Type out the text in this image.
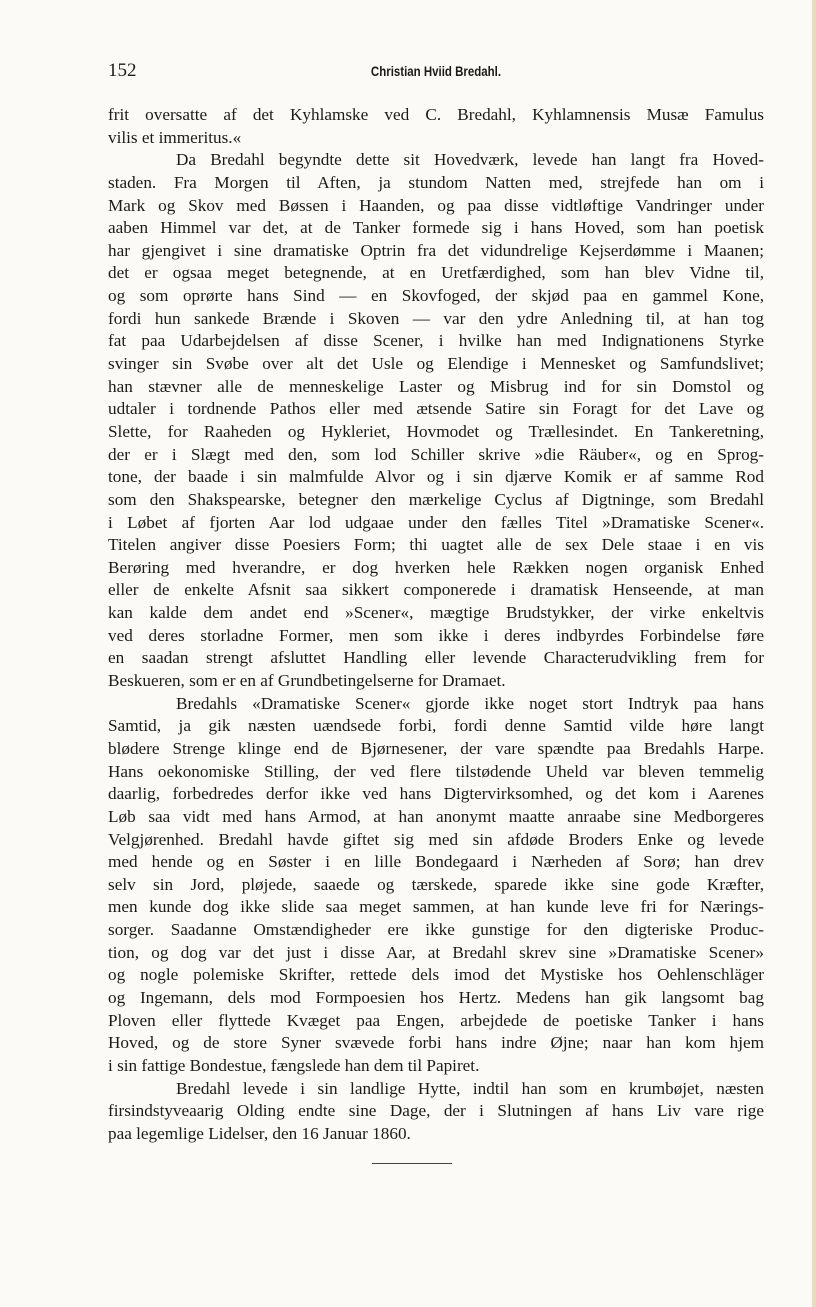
152	Christian Hviid Bredahl.
frit oversatte af det Kyhlamske ved C. Bredahl, Kyhlamnensis Musæ Famulus
vilis et immeritus.«
Da Bredahl begyndte dette sit Hovedværk, levede han langt fra Hoved-
staden. Fra Morgen til Aften, ja stundom Natten med, strejfede han om i
Mark og Skov med Bøssen i Haanden, og paa disse vidtløftige Vandringer under
aaben Himmel var det, at de Tanker formede sig i hans Hoved, som han poetisk
har gjengivet i sine dramatiske Optrin fra det vidundrelige Kejserdømme i Maanen;
det er ogsaa meget betegnende, at en Uretfærdighed, som han blev Vidne til,
og som oprørte hans Sind — en Skovfoged, der skjød paa en gammel Kone,
fordi hun sankede Brænde i Skoven — var den ydre Anledning til, at han tog
fat paa Udarbejdelsen af disse Scener, i hvilke han med Indignationens Styrke
svinger sin Svøbe over alt det Usle og Elendige i Mennesket og Samfundslivet;
han stævner alle de menneskelige Laster og Misbrug ind for sin Domstol og
udtaler i tordnende Pathos eller med ætsende Satire sin Foragt for det Lave og
Slette, for Raaheden og Hykleriet, Hovmodet og Trællesindet. En Tankeretning,
der er i Slægt med den, som lod Schiller skrive »die Räuber«, og en Sprog-
tone, der baade i sin malmfulde Alvor og i sin djærve Komik er af samme Rod
som den Shakspearske, betegner den mærkelige Cyclus af Digtninge, som Bredahl
i Løbet af fjorten Aar lod udgaae under den fælles Titel »Dramatiske Scener«.
Titelen angiver disse Poesiers Form; thi uagtet alle de sex Dele staae i en vis
Berøring med hverandre, er dog hverken hele Rækken nogen organisk Enhed
eller de enkelte Afsnit saa sikkert componerede i dramatisk Henseende, at man
kan kalde dem andet end »Scener«, mægtige Brudstykker, der virke enkeltvis
ved deres storladne Former, men som ikke i deres indbyrdes Forbindelse føre
en saadan strengt afsluttet Handling eller levende Characterudvikling frem for
Beskueren, som er en af Grundbetingelserne for Dramaet.
Bredahls «Dramatiske Scener« gjorde ikke noget stort Indtryk paa hans
Samtid, ja gik næsten uændsede forbi, fordi denne Samtid vilde høre langt
blødere Strenge klinge end de Bjørnesener, der vare spændte paa Bredahls Harpe.
Hans oekonomiske Stilling, der ved flere tilstødende Uheld var bleven temmelig
daarlig, forbedredes derfor ikke ved hans Digtervirksomhed, og det kom i Aarenes
Løb saa vidt med hans Armod, at han anonymt maatte anraabe sine Medborgeres
Velgjørenhed. Bredahl havde giftet sig med sin afdøde Broders Enke og levede
med hende og en Søster i en lille Bondegaard i Nærheden af Sorø; han drev
selv sin Jord, pløjede, saaede og tærskede, sparede ikke sine gode Kræfter,
men kunde dog ikke slide saa meget sammen, at han kunde leve fri for Nærings-
sorger. Saadanne Omstændigheder ere ikke gunstige for den digteriske Produc-
tion, og dog var det just i disse Aar, at Bredahl skrev sine »Dramatiske Scener»
og nogle polemiske Skrifter, rettede dels imod det Mystiske hos Oehlenschläger
og Ingemann, dels mod Formpoesien hos Hertz. Medens han gik langsomt bag
Ploven eller flyttede Kvæget paa Engen, arbejdede de poetiske Tanker i hans
Hoved, og de store Syner svævede forbi hans indre Øjne; naar han kom hjem
i sin fattige Bondestue, fængslede han dem til Papiret.
Bredahl levede i sin landlige Hytte, indtil han som en krumbøjet, næsten
firsindstyveaarig Olding endte sine Dage, der i Slutningen af hans Liv vare rige
paa legemlige Lidelser, den 16 Januar 1860.
